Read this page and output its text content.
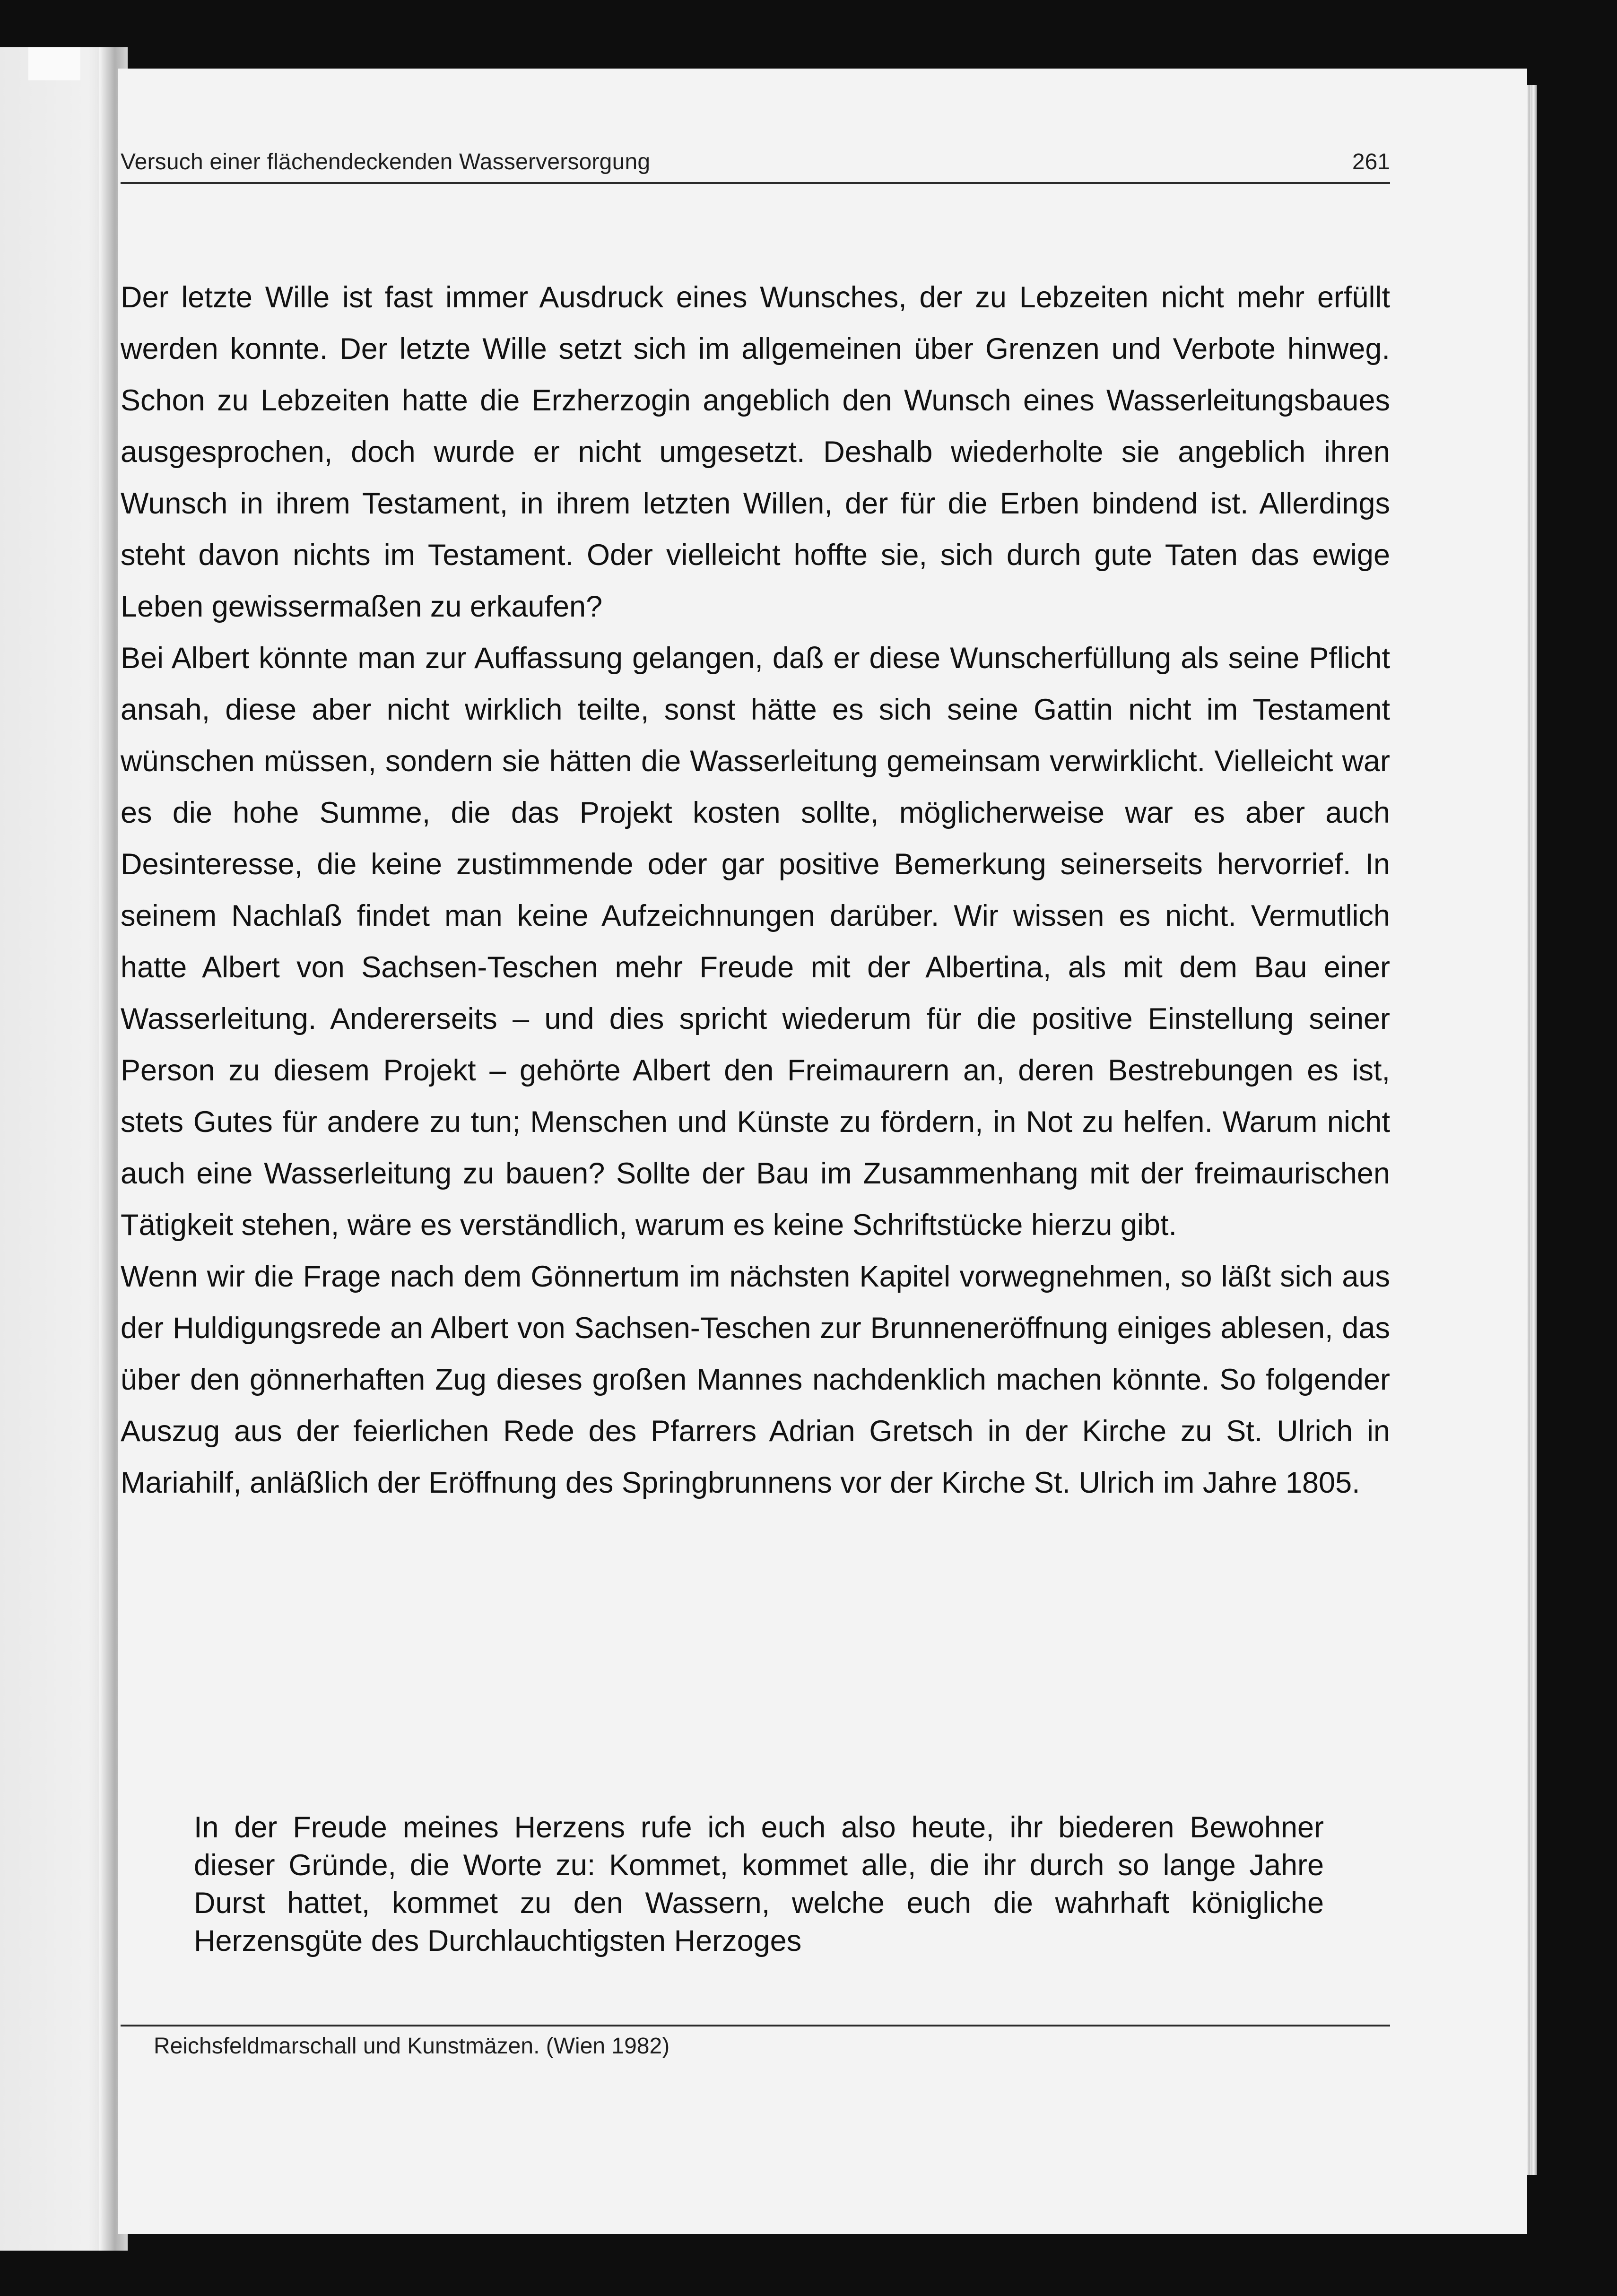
Versuch einer flächendeckenden Wasserversorgung	261

Der letzte Wille ist fast immer Ausdruck eines Wunsches, der zu Lebzeiten nicht mehr erfüllt werden konnte. Der letzte Wille setzt sich im allgemeinen über Grenzen und Verbote hinweg. Schon zu Lebzeiten hatte die Erzherzogin angeblich den Wunsch eines Wasserleitungsbaues ausgesprochen, doch wurde er nicht umgesetzt. Deshalb wiederholte sie angeblich ihren Wunsch in ihrem Testament, in ihrem letzten Willen, der für die Erben bindend ist. Allerdings steht davon nichts im Testament. Oder vielleicht hoffte sie, sich durch gute Taten das ewige Leben gewissermaßen zu erkaufen?

Bei Albert könnte man zur Auffassung gelangen, daß er diese Wunscherfüllung als seine Pflicht ansah, diese aber nicht wirklich teilte, sonst hätte es sich seine Gattin nicht im Testament wünschen müssen, sondern sie hätten die Wasserleitung gemeinsam verwirklicht. Vielleicht war es die hohe Summe, die das Projekt kosten sollte, möglicherweise war es aber auch Desinteresse, die keine zustimmende oder gar positive Bemerkung seinerseits hervorrief. In seinem Nachlaß findet man keine Aufzeichnungen darüber. Wir wissen es nicht. Vermutlich hatte Albert von Sachsen-Teschen mehr Freude mit der Albertina, als mit dem Bau einer Wasserleitung. Andererseits – und dies spricht wiederum für die positive Einstellung seiner Person zu diesem Projekt – gehörte Albert den Freimaurern an, deren Bestrebungen es ist, stets Gutes für andere zu tun; Menschen und Künste zu fördern, in Not zu helfen. Warum nicht auch eine Wasserleitung zu bauen? Sollte der Bau im Zusammenhang mit der freimaurischen Tätigkeit stehen, wäre es verständlich, warum es keine Schriftstücke hierzu gibt.

Wenn wir die Frage nach dem Gönnertum im nächsten Kapitel vorwegnehmen, so läßt sich aus der Huldigungsrede an Albert von Sachsen-Teschen zur Brunneneröffnung einiges ablesen, das über den gönnerhaften Zug dieses großen Mannes nachdenklich machen könnte. So folgender Auszug aus der feierlichen Rede des Pfarrers Adrian Gretsch in der Kirche zu St. Ulrich in Mariahilf, anläßlich der Eröffnung des Springbrunnens vor der Kirche St. Ulrich im Jahre 1805.

In der Freude meines Herzens rufe ich euch also heute, ihr biederen Bewohner dieser Gründe, die Worte zu: Kommet, kommet alle, die ihr durch so lange Jahre Durst hattet, kommet zu den Wassern, welche euch die wahrhaft königliche Herzensgüte des Durchlauchtigsten Herzoges

Reichsfeldmarschall und Kunstmäzen. (Wien 1982)
